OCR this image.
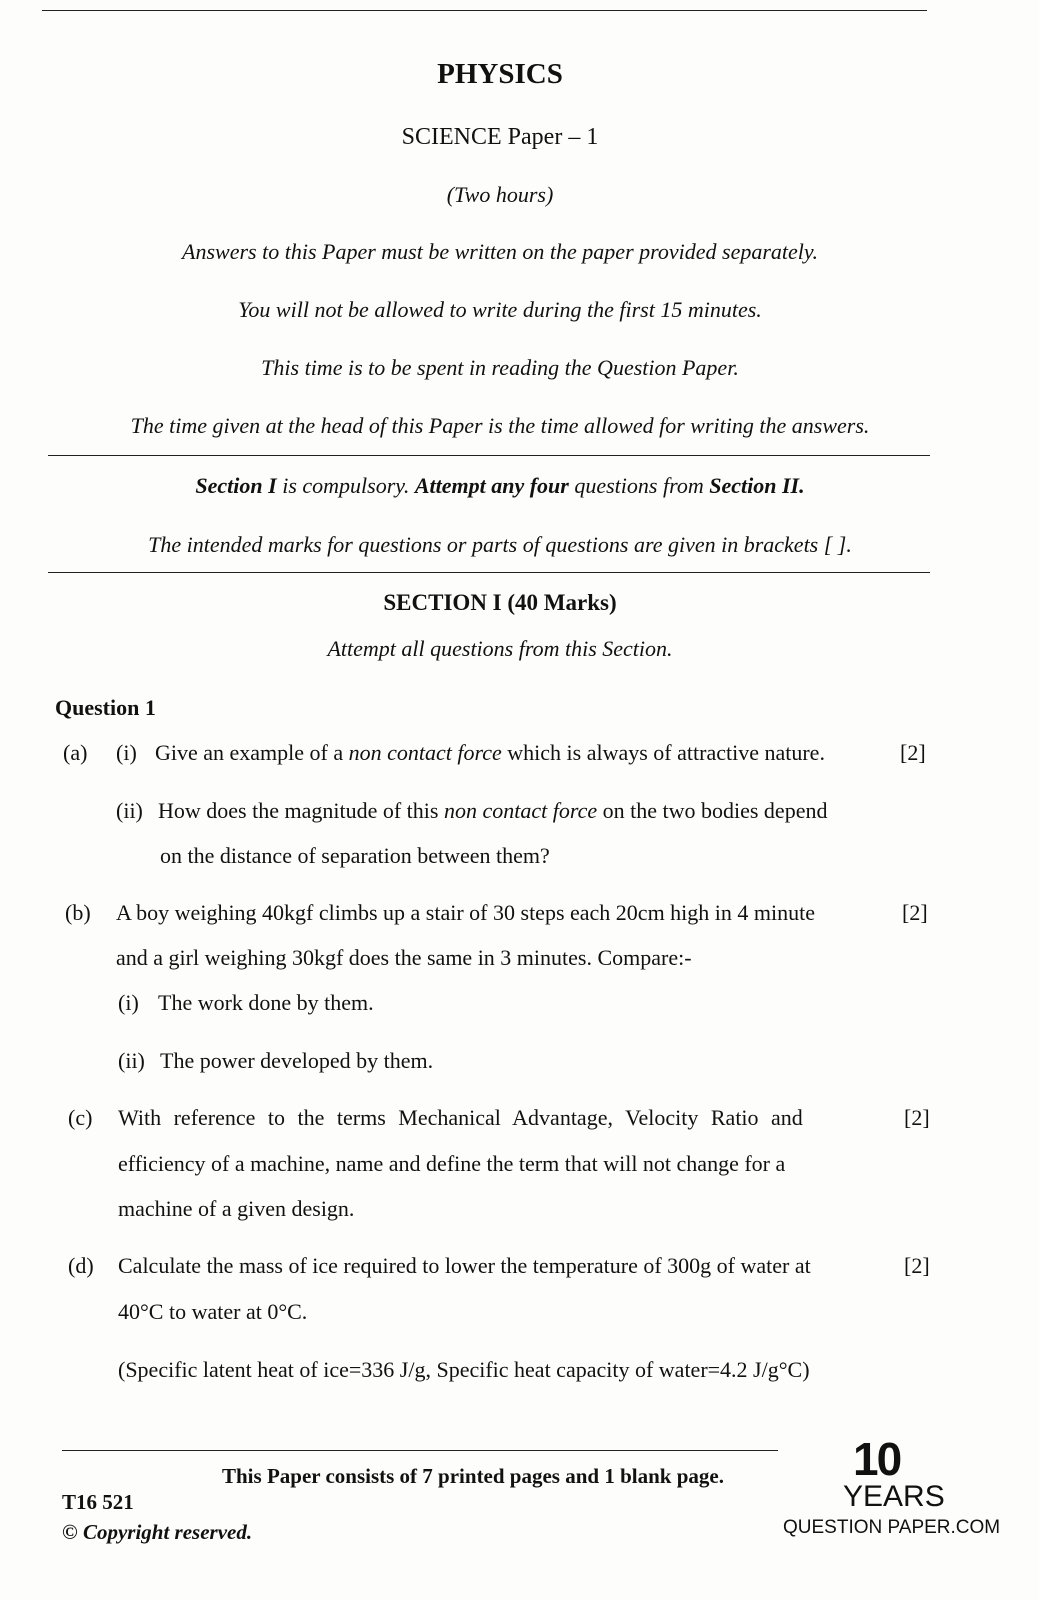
PHYSICS
SCIENCE Paper – 1
(Two hours)
Answers to this Paper must be written on the paper provided separately.
You will not be allowed to write during the first 15 minutes.
This time is to be spent in reading the Question Paper.
The time given at the head of this Paper is the time allowed for writing the answers.
Section I is compulsory. Attempt any four questions from Section II.
The intended marks for questions or parts of questions are given in brackets [ ].
SECTION I (40 Marks)
Attempt all questions from this Section.
Question 1
(a) (i) Give an example of a non contact force which is always of attractive nature.	[2]
(ii) How does the magnitude of this non contact force on the two bodies depend
on the distance of separation between them?
(b) A boy weighing 40kgf climbs up a stair of 30 steps each 20cm high in 4 minute	[2]
and a girl weighing 30kgf does the same in 3 minutes. Compare:-
(i) The work done by them.
(ii) The power developed by them.
(c) With reference to the terms Mechanical Advantage, Velocity Ratio and	[2]
efficiency of a machine, name and define the term that will not change for a
machine of a given design.
(d) Calculate the mass of ice required to lower the temperature of 300g of water at	[2]
40°C to water at 0°C.
(Specific latent heat of ice=336 J/g, Specific heat capacity of water=4.2 J/g°C)
This Paper consists of 7 printed pages and 1 blank page.
T16 521
© Copyright reserved.
10
YEARS
QUESTION PAPER.COM
